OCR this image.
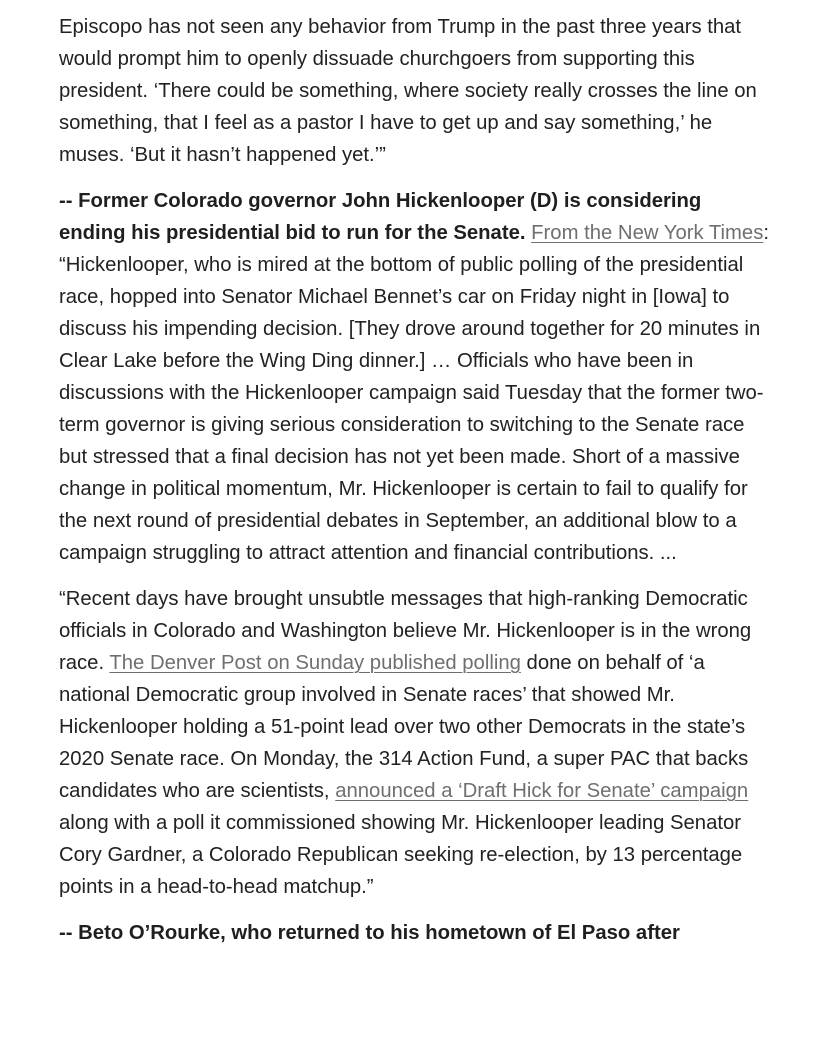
Episcopo has not seen any behavior from Trump in the past three years that would prompt him to openly dissuade churchgoers from supporting this president. ‘There could be something, where society really crosses the line on something, that I feel as a pastor I have to get up and say something,’ he muses. ‘But it hasn’t happened yet.’”

-- Former Colorado governor John Hickenlooper (D) is considering ending his presidential bid to run for the Senate. From the New York Times: “Hickenlooper, who is mired at the bottom of public polling of the presidential race, hopped into Senator Michael Bennet’s car on Friday night in [Iowa] to discuss his impending decision. [They drove around together for 20 minutes in Clear Lake before the Wing Ding dinner.] … Officials who have been in discussions with the Hickenlooper campaign said Tuesday that the former two-term governor is giving serious consideration to switching to the Senate race but stressed that a final decision has not yet been made. Short of a massive change in political momentum, Mr. Hickenlooper is certain to fail to qualify for the next round of presidential debates in September, an additional blow to a campaign struggling to attract attention and financial contributions. ...

“Recent days have brought unsubtle messages that high-ranking Democratic officials in Colorado and Washington believe Mr. Hickenlooper is in the wrong race. The Denver Post on Sunday published polling done on behalf of ‘a national Democratic group involved in Senate races’ that showed Mr. Hickenlooper holding a 51-point lead over two other Democrats in the state’s 2020 Senate race. On Monday, the 314 Action Fund, a super PAC that backs candidates who are scientists, announced a ‘Draft Hick for Senate’ campaign along with a poll it commissioned showing Mr. Hickenlooper leading Senator Cory Gardner, a Colorado Republican seeking re-election, by 13 percentage points in a head-to-head matchup.”

-- Beto O’Rourke, who returned to his hometown of El Paso after
